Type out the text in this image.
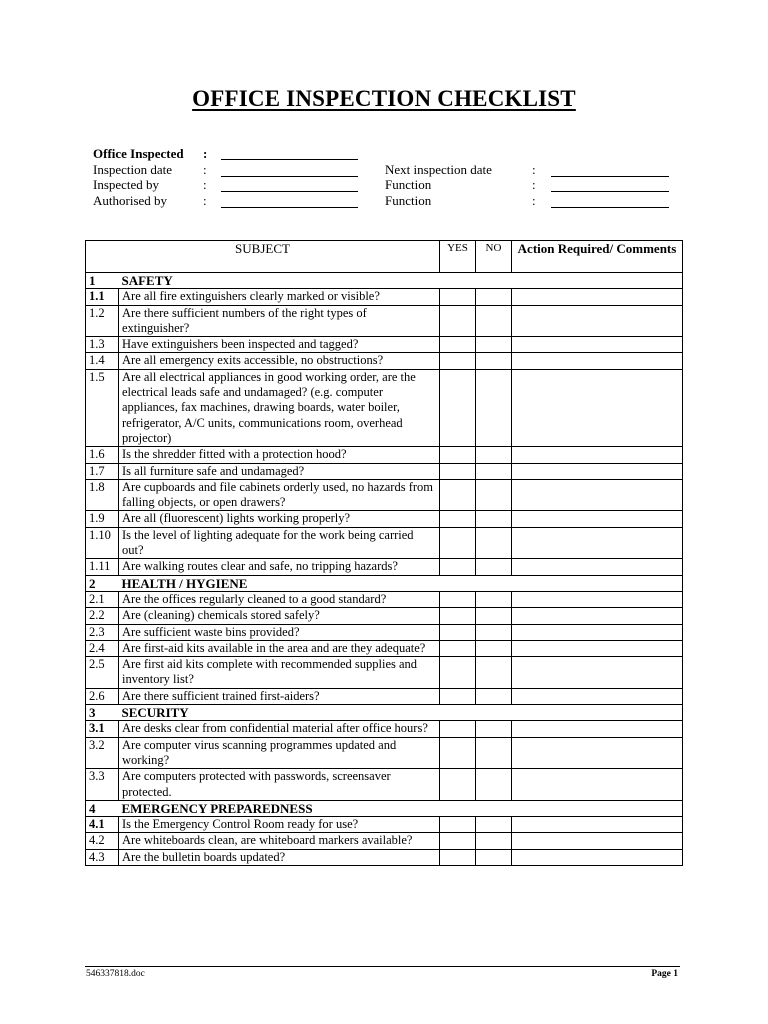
OFFICE INSPECTION CHECKLIST
Office Inspected :
Inspection date :
Inspected by	:
Authorised by	:
Next inspection date	:
Function	:
Function	:
SUBJECT		YES	NO	Action Required/ Comments
1 SAFETY				
1.1	Are all fire extinguishers clearly marked or visible?			
1.2	Are there sufficient numbers of the right types of extinguisher?			
1.3	Have extinguishers been inspected and tagged?			
1.4	Are all emergency exits accessible, no obstructions?			
1.5	Are all electrical appliances in good working order, are the electrical leads safe and undamaged? (e.g. computer appliances, fax machines, drawing boards, water boiler, refrigerator, A/C units, communications room, overhead projector)			
1.6	Is the shredder fitted with a protection hood?			
1.7	Is all furniture safe and undamaged?			
1.8	Are cupboards and file cabinets orderly used, no hazards from falling objects, or open drawers?			
1.9	Are all (fluorescent) lights working properly?			
1.10	Is the level of lighting adequate for the work being carried out?			
1.11	Are walking routes clear and safe, no tripping hazards?			
2 HEALTH / HYGIENE				
2.1	Are the offices regularly cleaned to a good standard?			
2.2	Are (cleaning) chemicals stored safely?			
2.3	Are sufficient waste bins provided?			
2.4	Are first-aid kits available in the area and are they adequate?			
2.5	Are first aid kits complete with recommended supplies and inventory list?			
2.6	Are there sufficient trained first-aiders?			
3 SECURITY				
3.1	Are desks clear from confidential material after office hours?			
3.2	Are computer virus scanning programmes updated and working?			
3.3	Are computers protected with passwords, screensaver protected.			
4 EMERGENCY PREPAREDNESS				
4.1	Is the Emergency Control Room ready for use?			
4.2	Are whiteboards clean, are whiteboard markers available?			
4.3	Are the bulletin boards updated?			
546337818.doc	Page 1
